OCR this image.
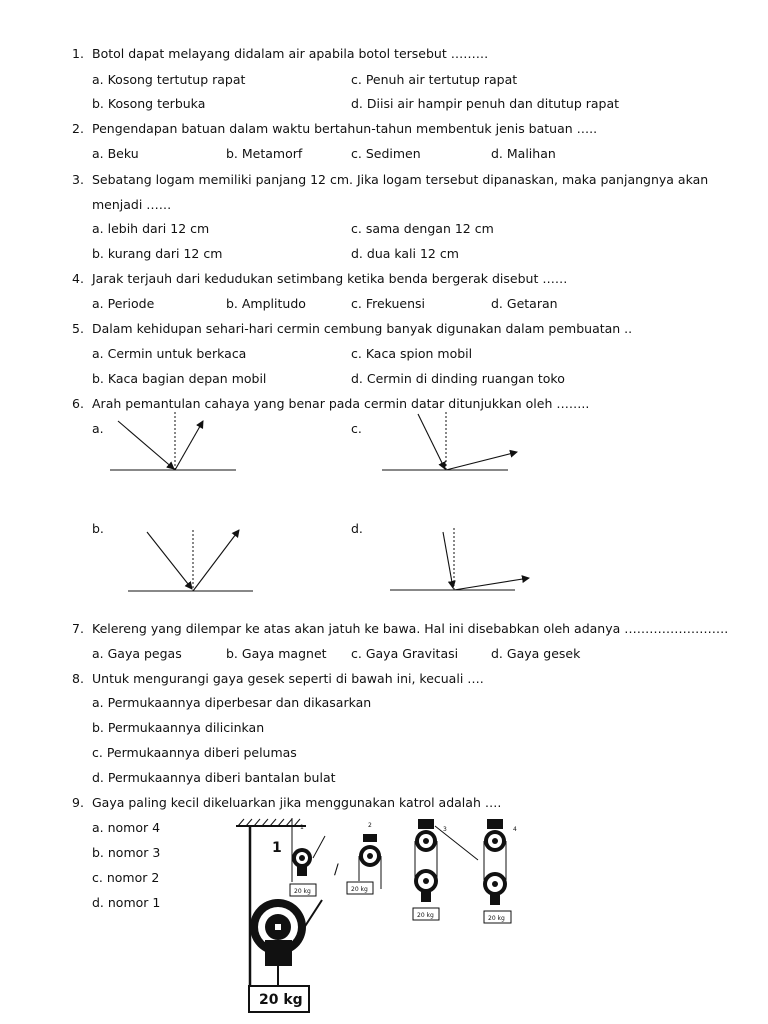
1. Botol dapat melayang didalam air apabila botol tersebut ………
a. Kosong tertutup rapat	c. Penuh air tertutup rapat
b. Kosong terbuka	d. Diisi air hampir penuh dan ditutup rapat
2. Pengendapan batuan dalam waktu bertahun-tahun membentuk jenis batuan …..
a. Beku	b. Metamorf	c. Sedimen	d. Malihan
3. Sebatang logam memiliki panjang 12 cm. Jika logam tersebut dipanaskan, maka panjangnya akan
menjadi ……
a. lebih dari 12 cm	c. sama dengan 12 cm
b. kurang dari 12 cm	d. dua kali 12 cm
4. Jarak terjauh dari kedudukan setimbang ketika benda bergerak disebut ……
a. Periode	b. Amplitudo	c. Frekuensi	d. Getaran
5. Dalam kehidupan sehari-hari cermin cembung banyak digunakan dalam pembuatan ..
a. Cermin untuk berkaca	c. Kaca spion mobil
b. Kaca bagian depan mobil	d. Cermin di dinding ruangan toko
6. Arah pemantulan cahaya yang benar pada cermin datar ditunjukkan oleh ……..
a.	c.
b.	d.
7. Kelereng yang dilempar ke atas akan jatuh ke bawa. Hal ini disebabkan oleh adanya …………………….
a. Gaya pegas	b. Gaya magnet c. Gaya Gravitasi	d. Gaya gesek
8. Untuk mengurangi gaya gesek seperti di bawah ini, kecuali ….
a. Permukaannya diperbesar dan dikasarkan
b. Permukaannya dilicinkan
c. Permukaannya diberi pelumas
d. Permukaannya diberi bantalan bulat
9. Gaya paling kecil dikeluarkan jika menggunakan katrol adalah ….
a. nomor 4
b. nomor 3
c. nomor 2
d. nomor 1
1
20 kg
1
20 kg
/
2
20 kg
3
20 kg
4
20 kg
